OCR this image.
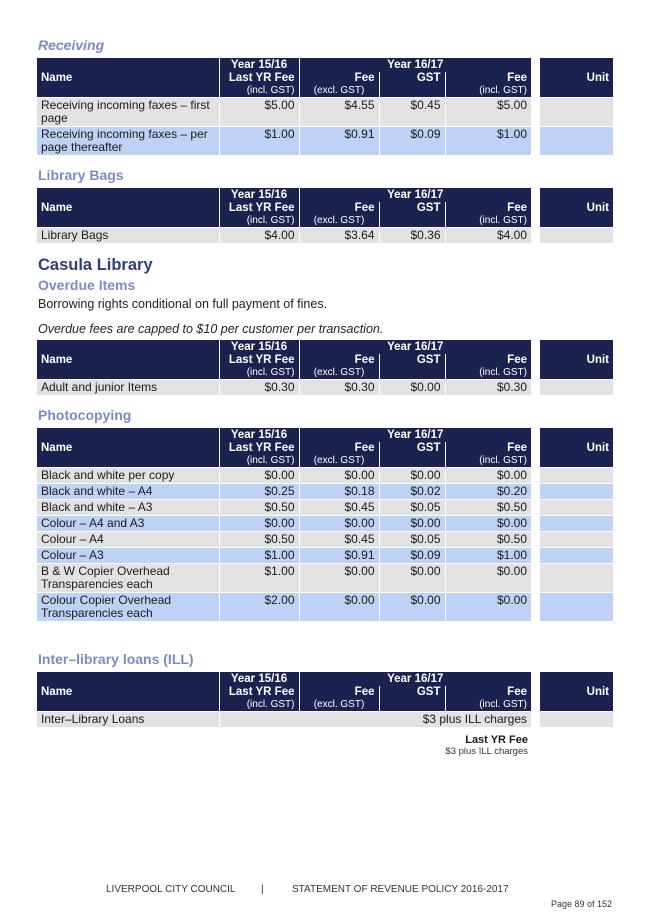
Receiving
Name	Year 15/16	Year 16/17				Unit
	Last YR Fee	Fee	GST	Fee		
	(incl. GST)	(excl. GST)		(incl. GST)		
Receiving incoming faxes – first page	$5.00	$4.55	$0.45	$5.00		
Receiving incoming faxes – per page thereafter	$1.00	$0.91	$0.09	$1.00		
Library Bags
Name	Year 15/16	Year 16/17				Unit
	Last YR Fee	Fee	GST	Fee		
	(incl. GST)	(excl. GST)		(incl. GST)		
Library Bags	$4.00	$3.64	$0.36	$4.00		
Casula Library
Overdue Items
Borrowing rights conditional on full payment of fines.
Overdue fees are capped to $10 per customer per transaction.
Name	Year 15/16	Year 16/17				Unit
	Last YR Fee	Fee	GST	Fee		
	(incl. GST)	(excl. GST)		(incl. GST)		
Adult and junior Items	$0.30	$0.30	$0.00	$0.30		
Photocopying
Name	Year 15/16	Year 16/17				Unit
	Last YR Fee	Fee	GST	Fee		
	(incl. GST)	(excl. GST)		(incl. GST)		
Black and white per copy	$0.00	$0.00	$0.00	$0.00		
Black and white – A4	$0.25	$0.18	$0.02	$0.20		
Black and white – A3	$0.50	$0.45	$0.05	$0.50		
Colour – A4 and A3	$0.00	$0.00	$0.00	$0.00		
Colour – A4	$0.50	$0.45	$0.05	$0.50		
Colour – A3	$1.00	$0.91	$0.09	$1.00		
B & W Copier Overhead Transparencies each	$1.00	$0.00	$0.00	$0.00		
Colour Copier Overhead Transparencies each	$2.00	$0.00	$0.00	$0.00		
Inter–library loans (ILL)
Name	Year 15/16	Year 16/17				Unit
	Last YR Fee	Fee	GST	Fee		
	(incl. GST)	(excl. GST)		(incl. GST)		
Inter–Library Loans	$3 plus ILL charges					
Last YR Fee
$3 plus ILL charges
LIVERPOOL CITY COUNCIL	|	STATEMENT OF REVENUE POLICY 2016-2017
Page 89 of 152
